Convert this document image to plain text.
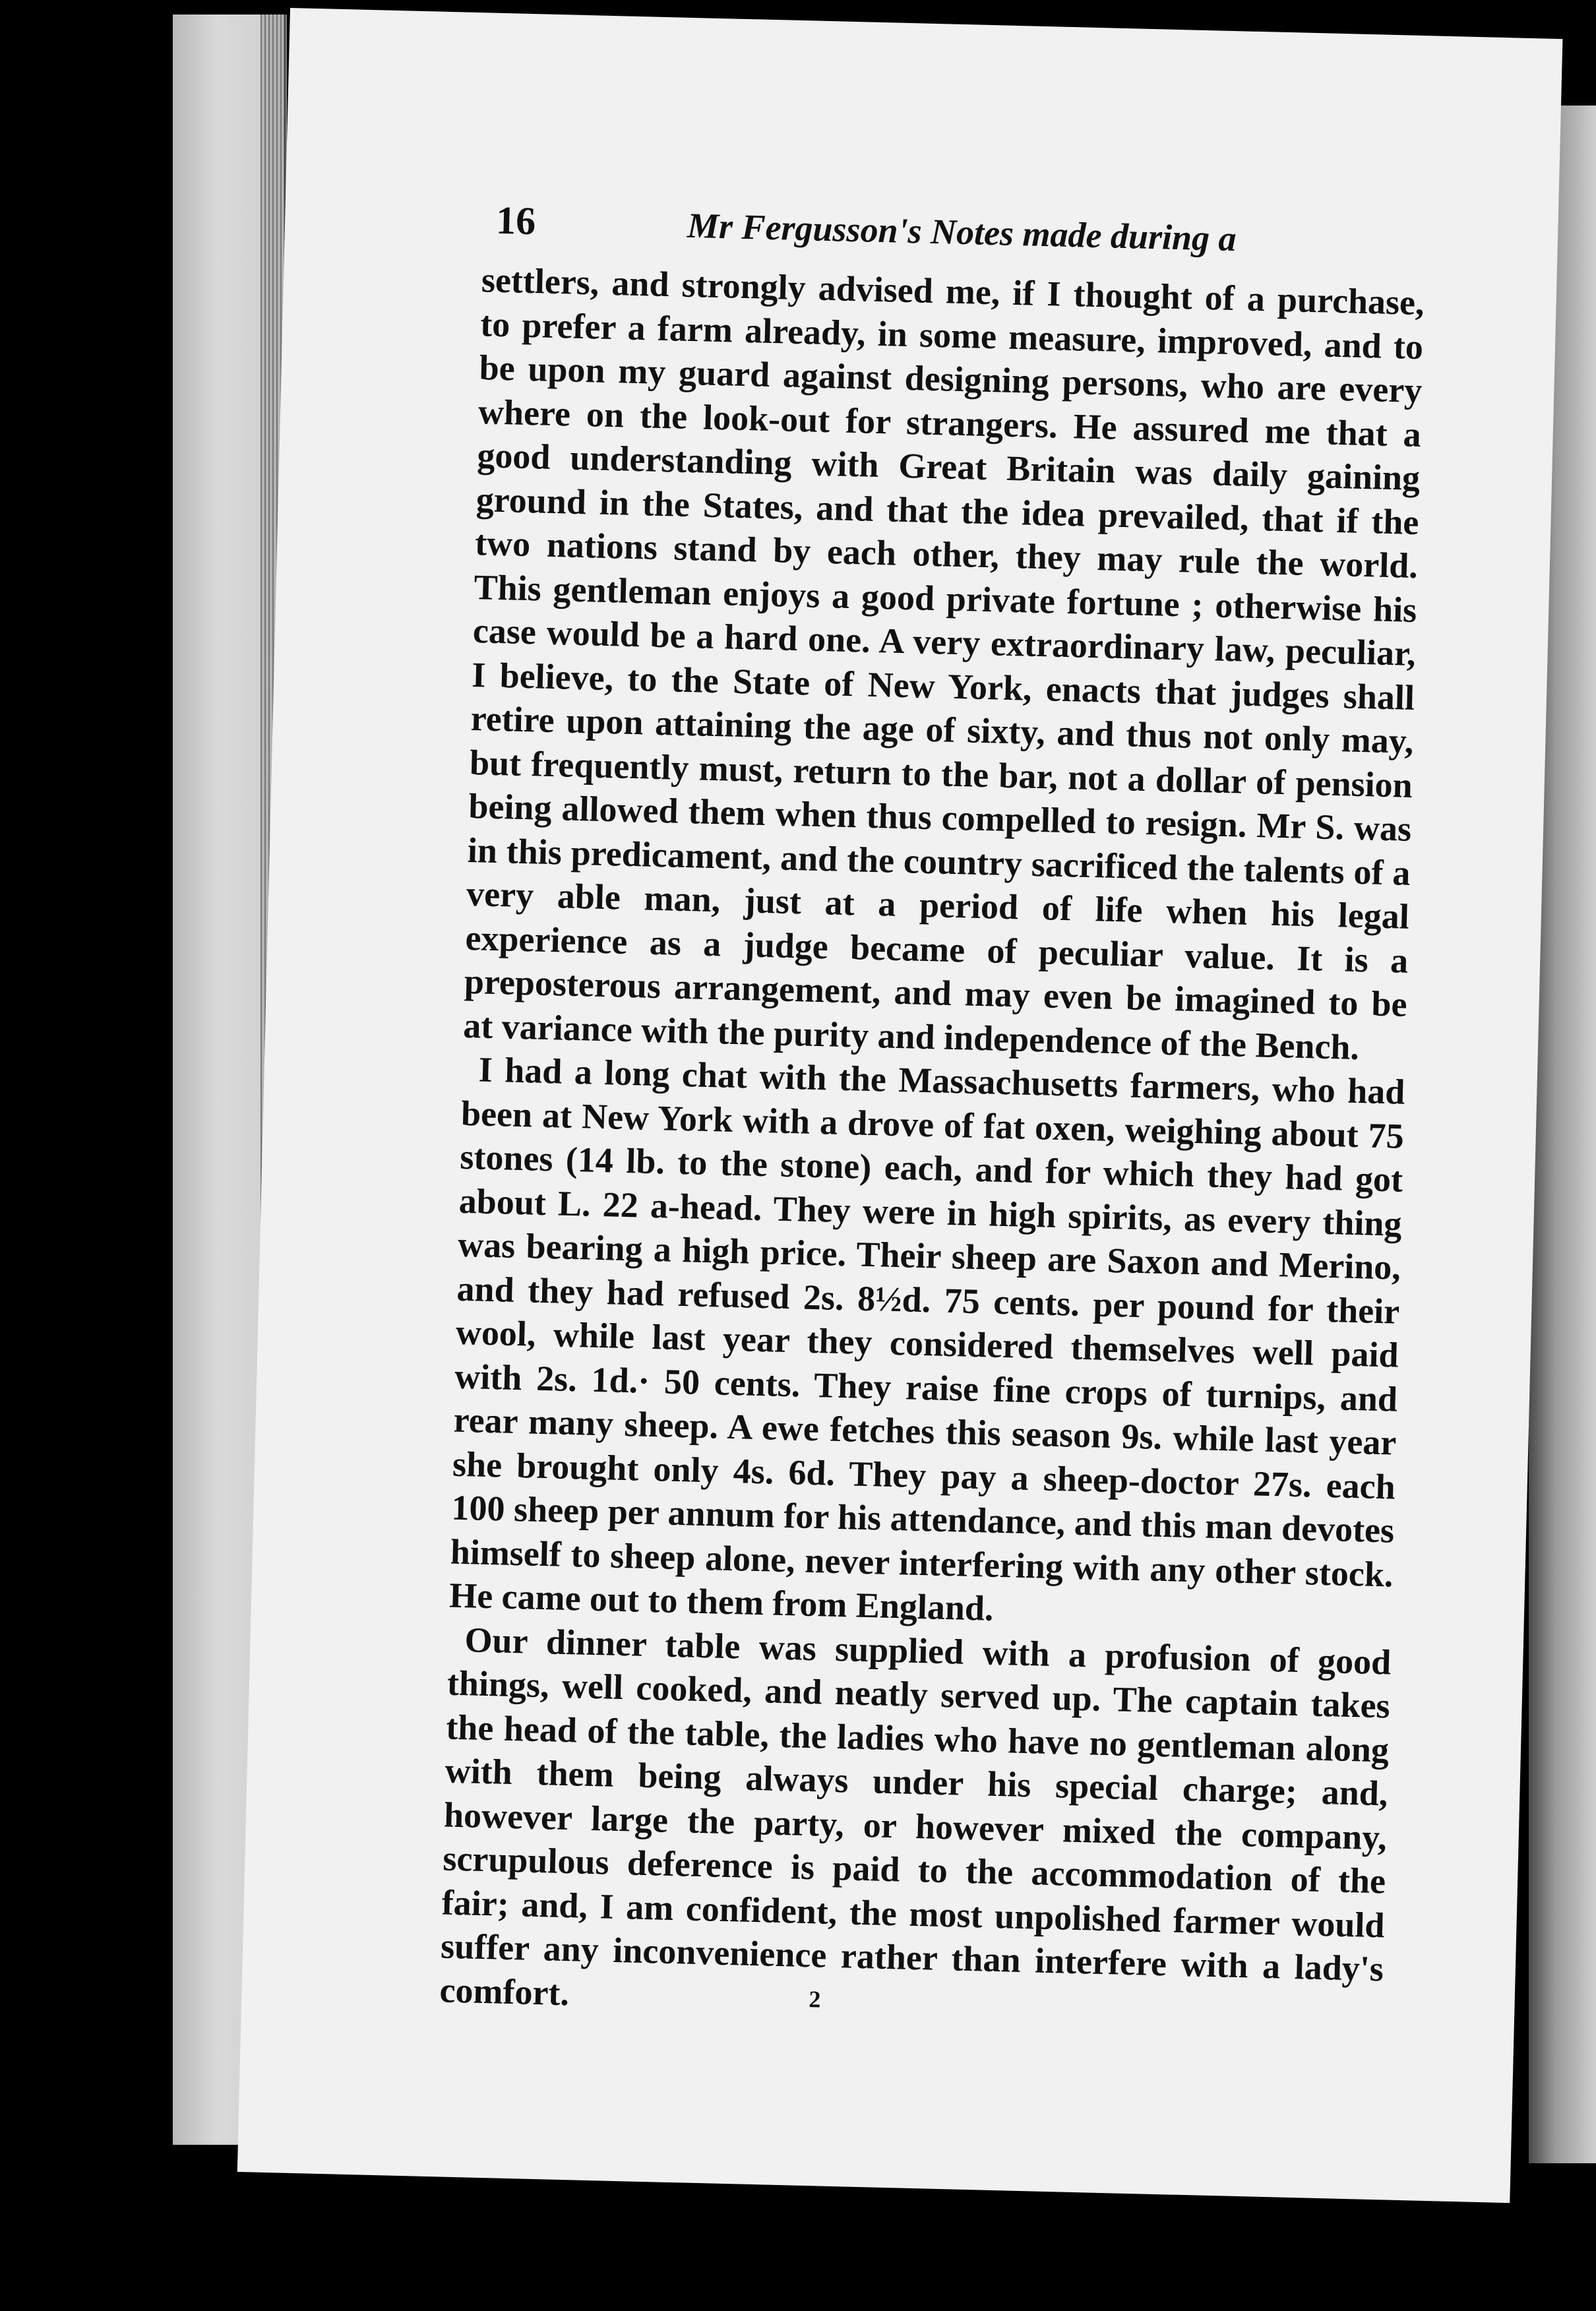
16	Mr Fergusson's Notes made during a

settlers, and strongly advised me, if I thought of a purchase, to prefer a farm already, in some measure, improved, and to be upon my guard against designing persons, who are every where on the look-out for strangers. He assured me that a good understanding with Great Britain was daily gaining ground in the States, and that the idea prevailed, that if the two nations stand by each other, they may rule the world. This gentleman enjoys a good private fortune ; otherwise his case would be a hard one. A very extraordinary law, peculiar, I believe, to the State of New York, enacts that judges shall retire upon attaining the age of sixty, and thus not only may, but frequently must, return to the bar, not a dollar of pension being allowed them when thus compelled to resign. Mr S. was in this predicament, and the country sacrificed the talents of a very able man, just at a period of life when his legal experience as a judge became of peculiar value. It is a preposterous arrangement, and may even be imagined to be at variance with the purity and independence of the Bench.

I had a long chat with the Massachusetts farmers, who had been at New York with a drove of fat oxen, weighing about 75 stones (14 lb. to the stone) each, and for which they had got about L. 22 a-head. They were in high spirits, as every thing was bearing a high price. Their sheep are Saxon and Merino, and they had refused 2s. 8½d. 75 cents. per pound for their wool, while last year they considered themselves well paid with 2s. 1d.· 50 cents. They raise fine crops of turnips, and rear many sheep. A ewe fetches this season 9s. while last year she brought only 4s. 6d. They pay a sheep-doctor 27s. each 100 sheep per annum for his attendance, and this man devotes himself to sheep alone, never interfering with any other stock. He came out to them from England.

Our dinner table was supplied with a profusion of good things, well cooked, and neatly served up. The captain takes the head of the table, the ladies who have no gentleman along with them being always under his special charge; and, however large the party, or however mixed the company, scrupulous deference is paid to the accommodation of the fair; and, I am confident, the most unpolished farmer would suffer any inconvenience rather than interfere with a lady's comfort.	2
